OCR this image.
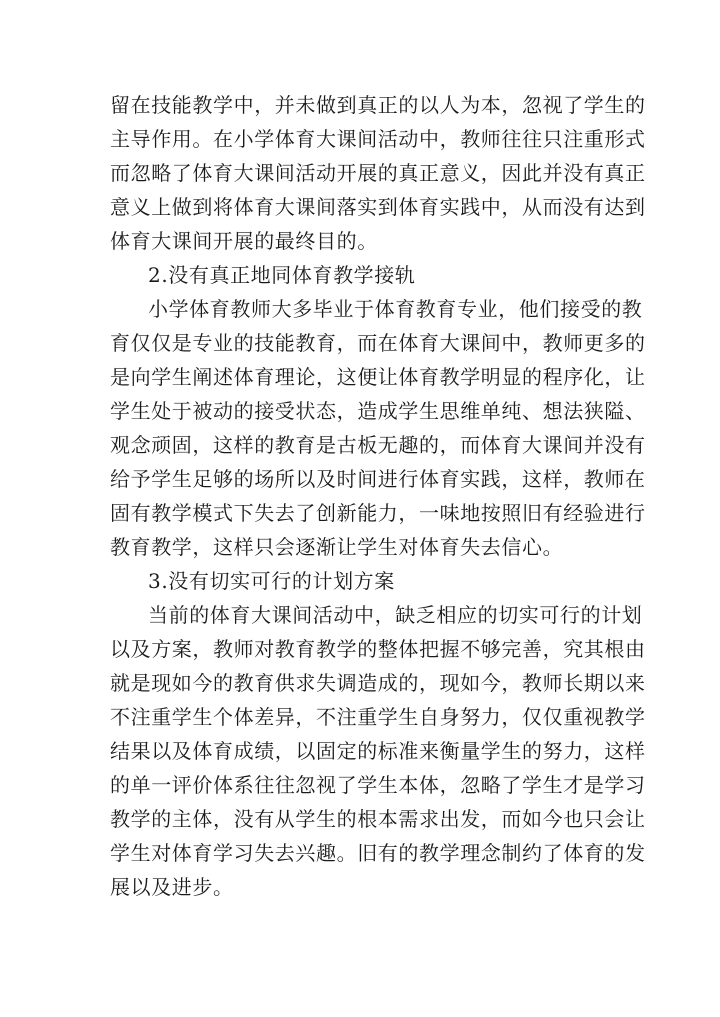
留在技能教学中，并未做到真正的以人为本，忽视了学生的
主导作用。在小学体育大课间活动中，教师往往只注重形式
而忽略了体育大课间活动开展的真正意义，因此并没有真正
意义上做到将体育大课间落实到体育实践中，从而没有达到
体育大课间开展的最终目的。
2.没有真正地同体育教学接轨
小学体育教师大多毕业于体育教育专业，他们接受的教
育仅仅是专业的技能教育，而在体育大课间中，教师更多的
是向学生阐述体育理论，这便让体育教学明显的程序化，让
学生处于被动的接受状态，造成学生思维单纯、想法狭隘、
观念顽固，这样的教育是古板无趣的，而体育大课间并没有
给予学生足够的场所以及时间进行体育实践，这样，教师在
固有教学模式下失去了创新能力，一味地按照旧有经验进行
教育教学，这样只会逐渐让学生对体育失去信心。
3.没有切实可行的计划方案
当前的体育大课间活动中，缺乏相应的切实可行的计划
以及方案，教师对教育教学的整体把握不够完善，究其根由
就是现如今的教育供求失调造成的，现如今，教师长期以来
不注重学生个体差异，不注重学生自身努力，仅仅重视教学
结果以及体育成绩，以固定的标准来衡量学生的努力，这样
的单一评价体系往往忽视了学生本体，忽略了学生才是学习
教学的主体，没有从学生的根本需求出发，而如今也只会让
学生对体育学习失去兴趣。旧有的教学理念制约了体育的发
展以及进步。
